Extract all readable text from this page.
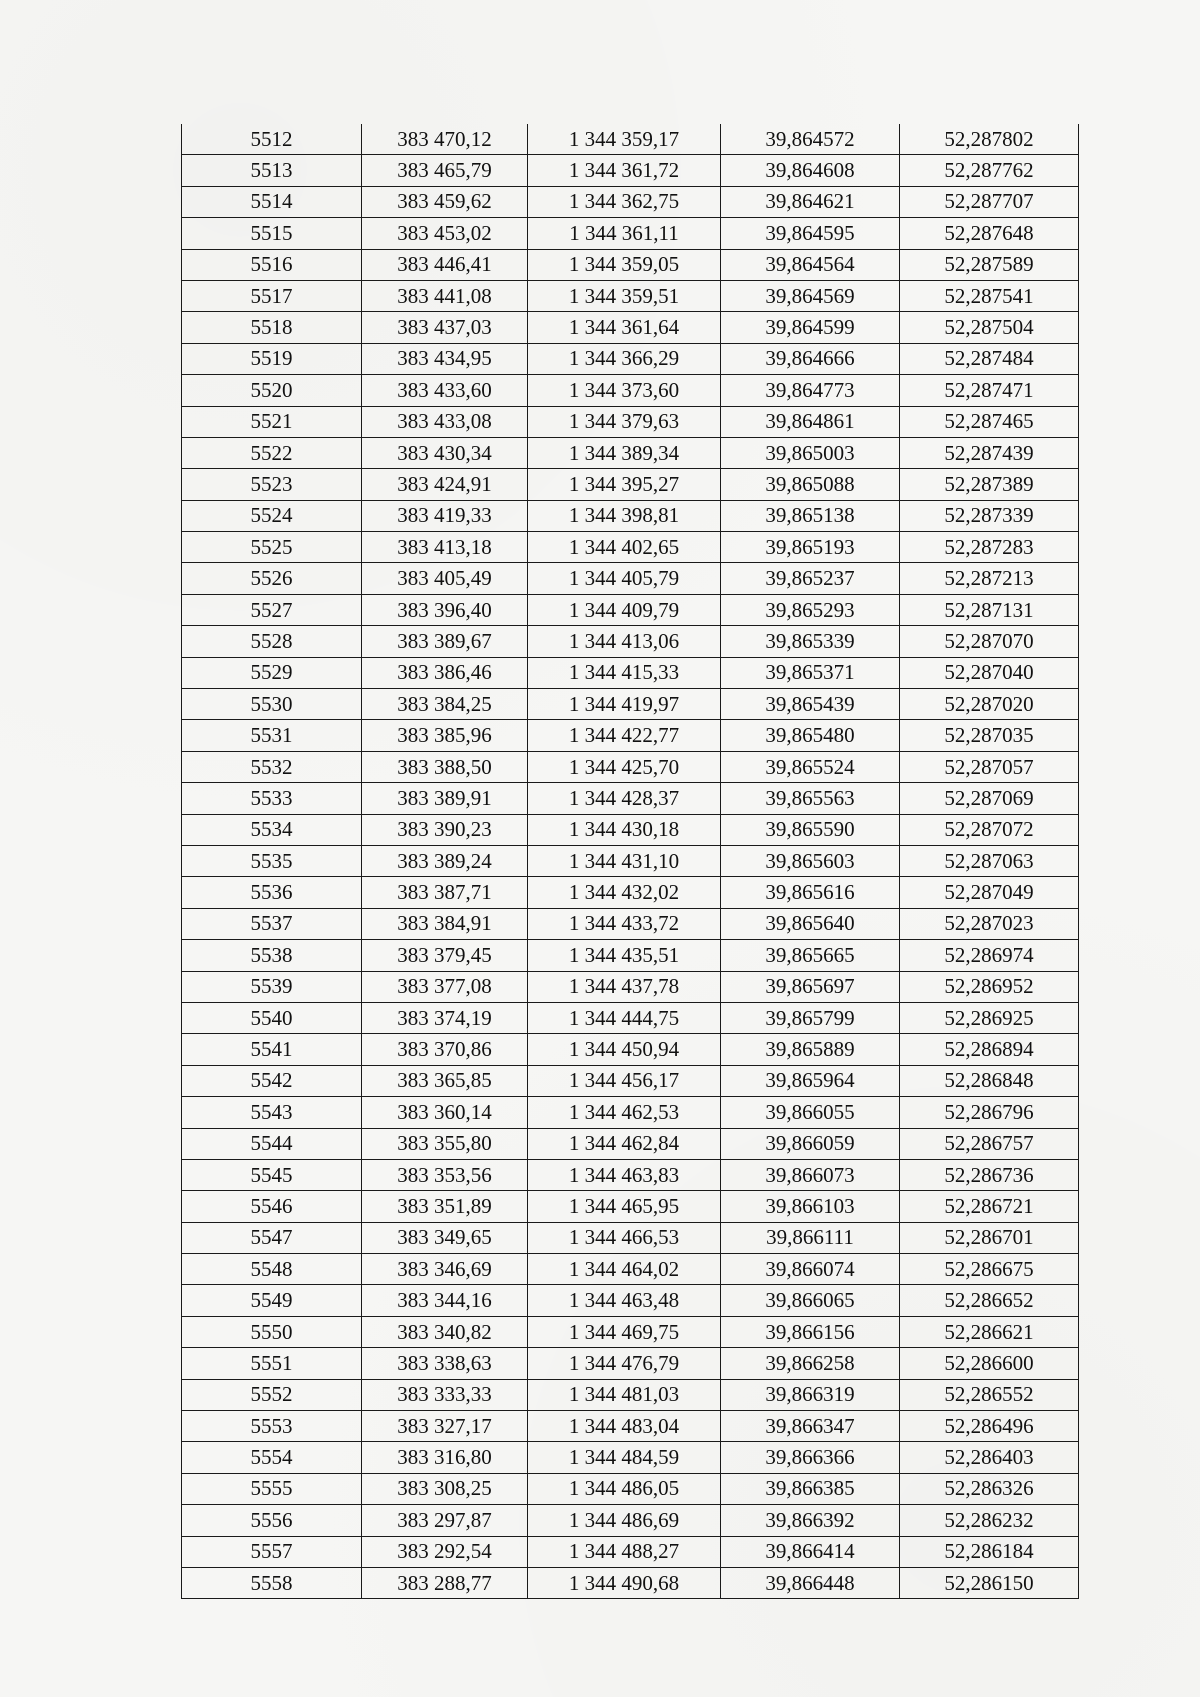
5512	383 470,12	1 344 359,17	39,864572	52,287802
5513	383 465,79	1 344 361,72	39,864608	52,287762
5514	383 459,62	1 344 362,75	39,864621	52,287707
5515	383 453,02	1 344 361,11	39,864595	52,287648
5516	383 446,41	1 344 359,05	39,864564	52,287589
5517	383 441,08	1 344 359,51	39,864569	52,287541
5518	383 437,03	1 344 361,64	39,864599	52,287504
5519	383 434,95	1 344 366,29	39,864666	52,287484
5520	383 433,60	1 344 373,60	39,864773	52,287471
5521	383 433,08	1 344 379,63	39,864861	52,287465
5522	383 430,34	1 344 389,34	39,865003	52,287439
5523	383 424,91	1 344 395,27	39,865088	52,287389
5524	383 419,33	1 344 398,81	39,865138	52,287339
5525	383 413,18	1 344 402,65	39,865193	52,287283
5526	383 405,49	1 344 405,79	39,865237	52,287213
5527	383 396,40	1 344 409,79	39,865293	52,287131
5528	383 389,67	1 344 413,06	39,865339	52,287070
5529	383 386,46	1 344 415,33	39,865371	52,287040
5530	383 384,25	1 344 419,97	39,865439	52,287020
5531	383 385,96	1 344 422,77	39,865480	52,287035
5532	383 388,50	1 344 425,70	39,865524	52,287057
5533	383 389,91	1 344 428,37	39,865563	52,287069
5534	383 390,23	1 344 430,18	39,865590	52,287072
5535	383 389,24	1 344 431,10	39,865603	52,287063
5536	383 387,71	1 344 432,02	39,865616	52,287049
5537	383 384,91	1 344 433,72	39,865640	52,287023
5538	383 379,45	1 344 435,51	39,865665	52,286974
5539	383 377,08	1 344 437,78	39,865697	52,286952
5540	383 374,19	1 344 444,75	39,865799	52,286925
5541	383 370,86	1 344 450,94	39,865889	52,286894
5542	383 365,85	1 344 456,17	39,865964	52,286848
5543	383 360,14	1 344 462,53	39,866055	52,286796
5544	383 355,80	1 344 462,84	39,866059	52,286757
5545	383 353,56	1 344 463,83	39,866073	52,286736
5546	383 351,89	1 344 465,95	39,866103	52,286721
5547	383 349,65	1 344 466,53	39,866111	52,286701
5548	383 346,69	1 344 464,02	39,866074	52,286675
5549	383 344,16	1 344 463,48	39,866065	52,286652
5550	383 340,82	1 344 469,75	39,866156	52,286621
5551	383 338,63	1 344 476,79	39,866258	52,286600
5552	383 333,33	1 344 481,03	39,866319	52,286552
5553	383 327,17	1 344 483,04	39,866347	52,286496
5554	383 316,80	1 344 484,59	39,866366	52,286403
5555	383 308,25	1 344 486,05	39,866385	52,286326
5556	383 297,87	1 344 486,69	39,866392	52,286232
5557	383 292,54	1 344 488,27	39,866414	52,286184
5558	383 288,77	1 344 490,68	39,866448	52,286150
